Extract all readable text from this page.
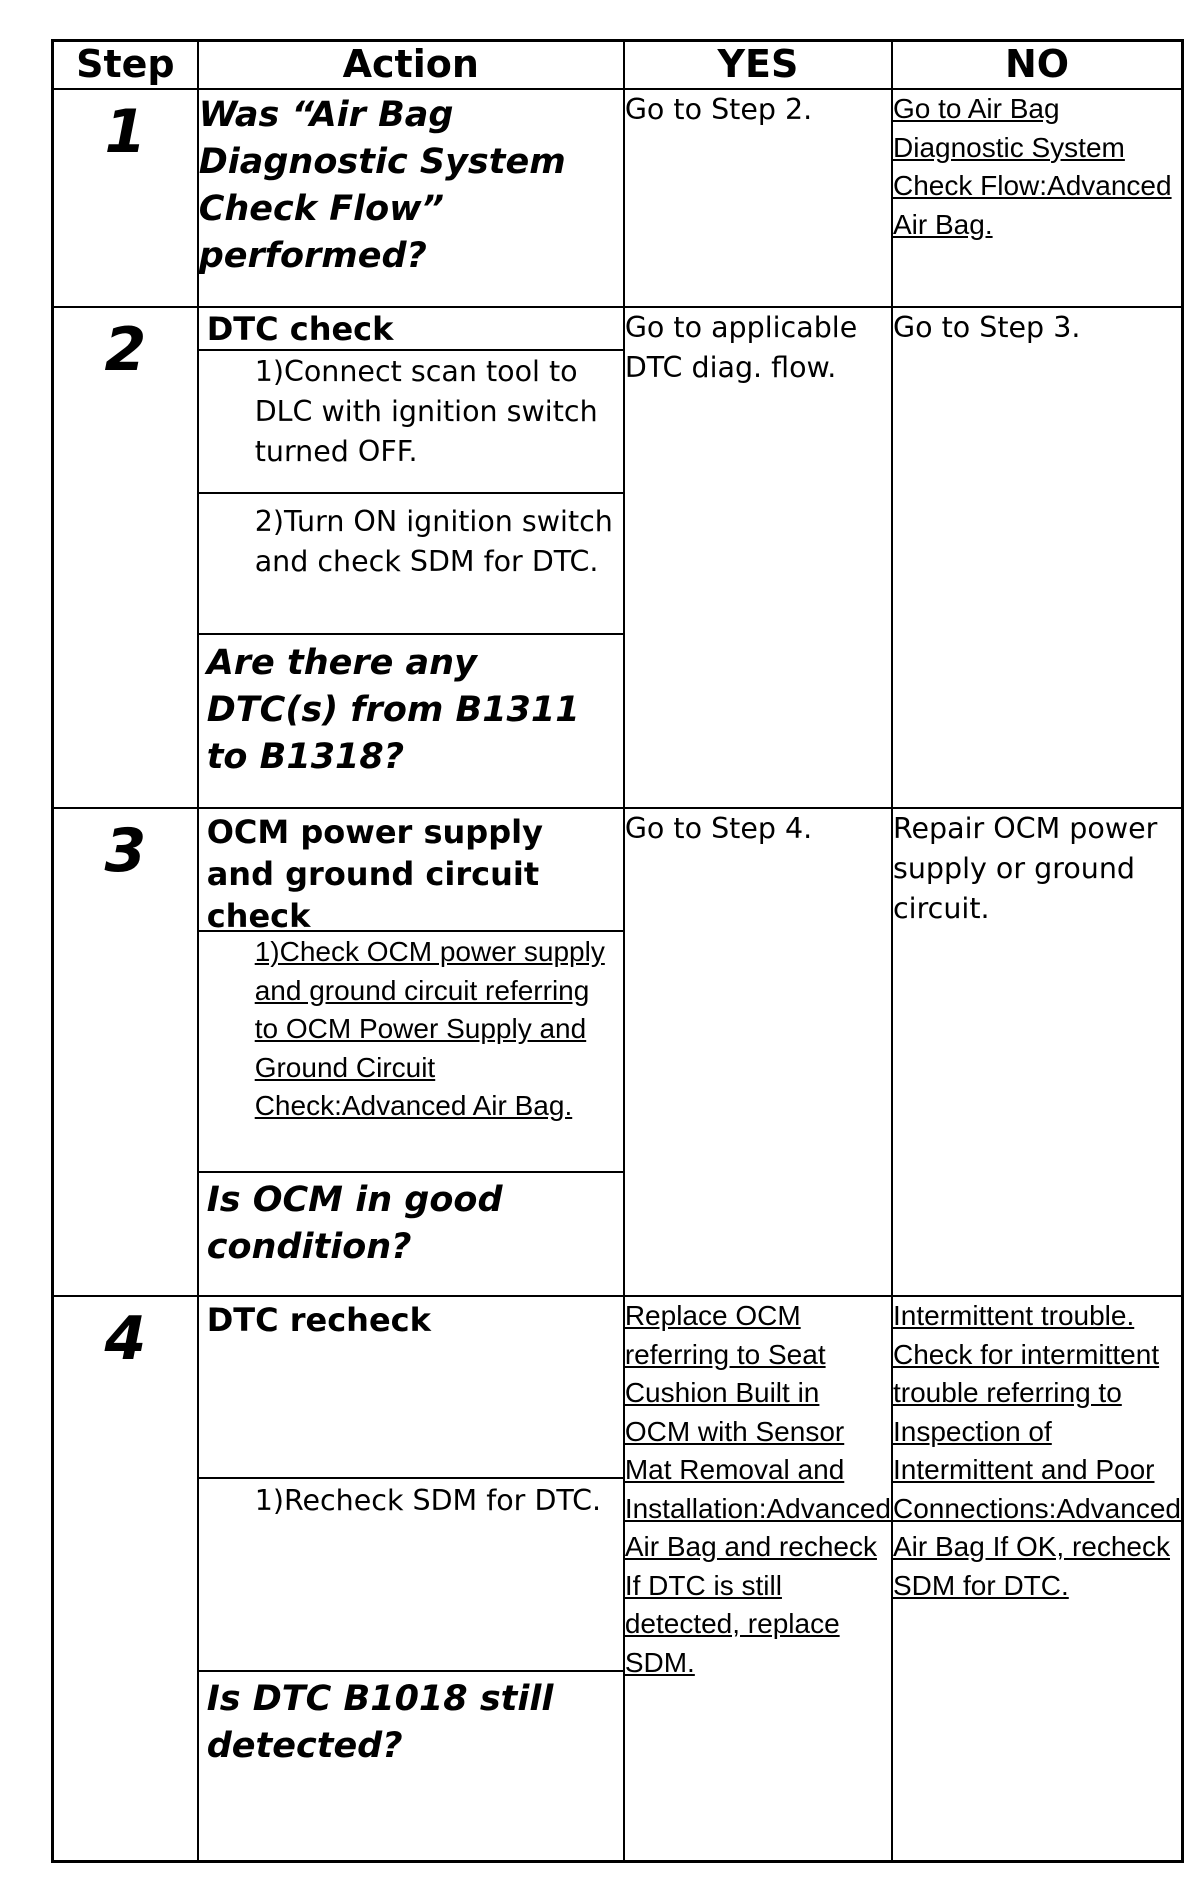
Step	Action	YES	NO
1	Was “Air Bag Diagnostic System Check Flow” performed?	Go to Step 2.	Go to Air Bag Diagnostic System Check Flow:Advanced Air Bag.
2	DTC check
1)Connect scan tool to DLC with ignition switch turned OFF.
2)Turn ON ignition switch and check SDM for DTC.
Are there any DTC(s) from B1311 to B1318?	Go to applicable DTC diag. flow.	Go to Step 3.
3	OCM power supply and ground circuit check
1)Check OCM power supply and ground circuit referring to OCM Power Supply and Ground Circuit Check:Advanced Air Bag.
Is OCM in good condition?	Go to Step 4.	Repair OCM power supply or ground circuit.
4	DTC recheck
1)Recheck SDM for DTC.
Is DTC B1018 still detected?	Replace OCM referring to Seat Cushion Built in OCM with Sensor Mat Removal and Installation:Advanced Air Bag and recheck If DTC is still detected, replace SDM.	Intermittent trouble. Check for intermittent trouble referring to Inspection of Intermittent and Poor Connections:Advanced Air Bag If OK, recheck SDM for DTC.
